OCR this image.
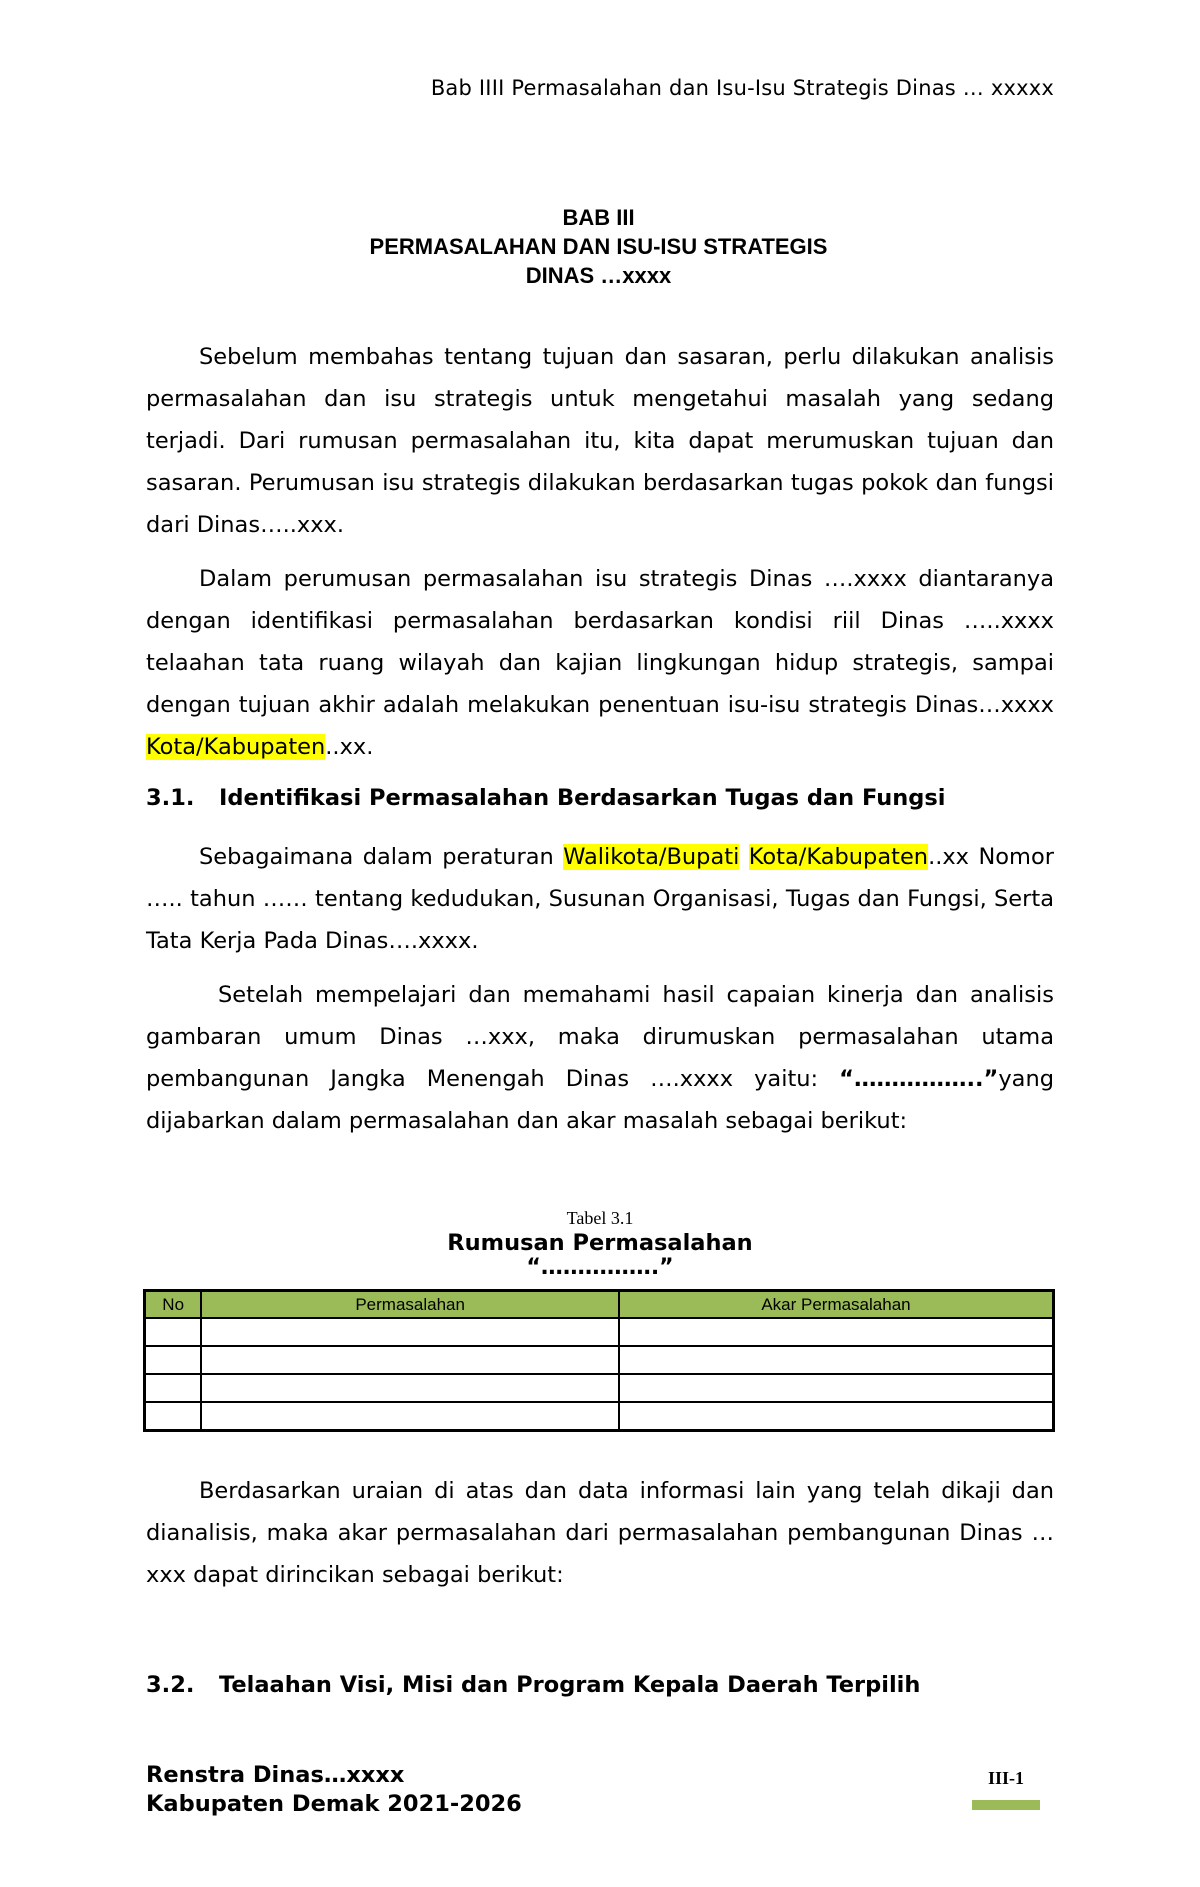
Bab IIII Permasalahan dan Isu-Isu Strategis Dinas … xxxxx
BAB III
PERMASALAHAN DAN ISU-ISU STRATEGIS
DINAS …xxxx

Sebelum membahas tentang tujuan dan sasaran, perlu dilakukan analisis permasalahan dan isu strategis untuk mengetahui masalah yang sedang terjadi. Dari rumusan permasalahan itu, kita dapat merumuskan tujuan dan sasaran. Perumusan isu strategis dilakukan berdasarkan tugas pokok dan fungsi dari Dinas…..xxx.

Dalam perumusan permasalahan isu strategis Dinas ….xxxx diantaranya dengan identifikasi permasalahan berdasarkan kondisi riil Dinas …..xxxx telaahan tata ruang wilayah dan kajian lingkungan hidup strategis, sampai dengan tujuan akhir adalah melakukan penentuan isu-isu strategis Dinas…xxxx Kota/Kabupaten..xx.

3.1. Identifikasi Permasalahan Berdasarkan Tugas dan Fungsi

Sebagaimana dalam peraturan Walikota/Bupati Kota/Kabupaten..xx Nomor ….. tahun …… tentang kedudukan, Susunan Organisasi, Tugas dan Fungsi, Serta Tata Kerja Pada Dinas….xxxx.

Setelah mempelajari dan memahami hasil capaian kinerja dan analisis gambaran umum Dinas …xxx, maka dirumuskan permasalahan utama pembangunan Jangka Menengah Dinas ….xxxx yaitu: “……………..”yang dijabarkan dalam permasalahan dan akar masalah sebagai berikut:

Tabel 3.1
Rumusan Permasalahan
“…………….”
No	Permasalahan	Akar Permasalahan

Berdasarkan uraian di atas dan data informasi lain yang telah dikaji dan dianalisis, maka akar permasalahan dari permasalahan pembangunan Dinas …xxx dapat dirincikan sebagai berikut:

3.2. Telaahan Visi, Misi dan Program Kepala Daerah Terpilih
Renstra Dinas…xxxx
Kabupaten Demak 2021-2026
III-1
